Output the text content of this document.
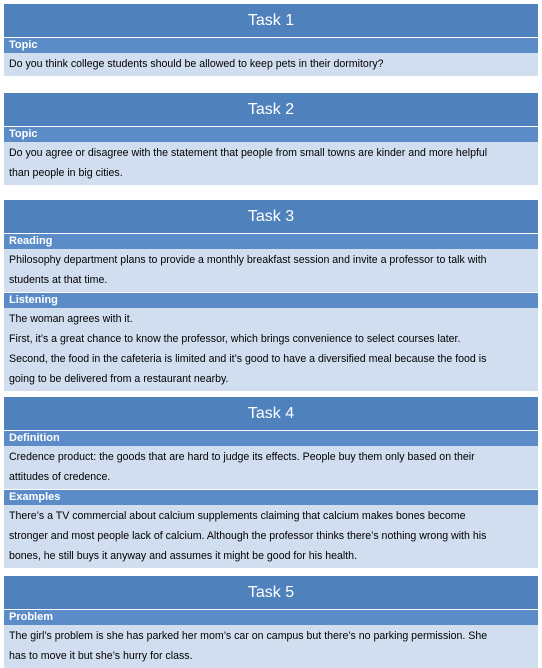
Task 1
Topic
Do you think college students should be allowed to keep pets in their dormitory?
Task 2
Topic
Do you agree or disagree with the statement that people from small towns are kinder and more helpful
than people in big cities.
Task 3
Reading
Philosophy department plans to provide a monthly breakfast session and invite a professor to talk with
students at that time.
Listening
The woman agrees with it.
First, it’s a great chance to know the professor, which brings convenience to select courses later.
Second, the food in the cafeteria is limited and it’s good to have a diversified meal because the food is
going to be delivered from a restaurant nearby.
Task 4
Definition
Credence product: the goods that are hard to judge its effects. People buy them only based on their
attitudes of credence.
Examples
There’s a TV commercial about calcium supplements claiming that calcium makes bones become
stronger and most people lack of calcium. Although the professor thinks there’s nothing wrong with his
bones, he still buys it anyway and assumes it might be good for his health.
Task 5
Problem
The girl’s problem is she has parked her mom’s car on campus but there’s no parking permission. She
has to move it but she’s hurry for class.
